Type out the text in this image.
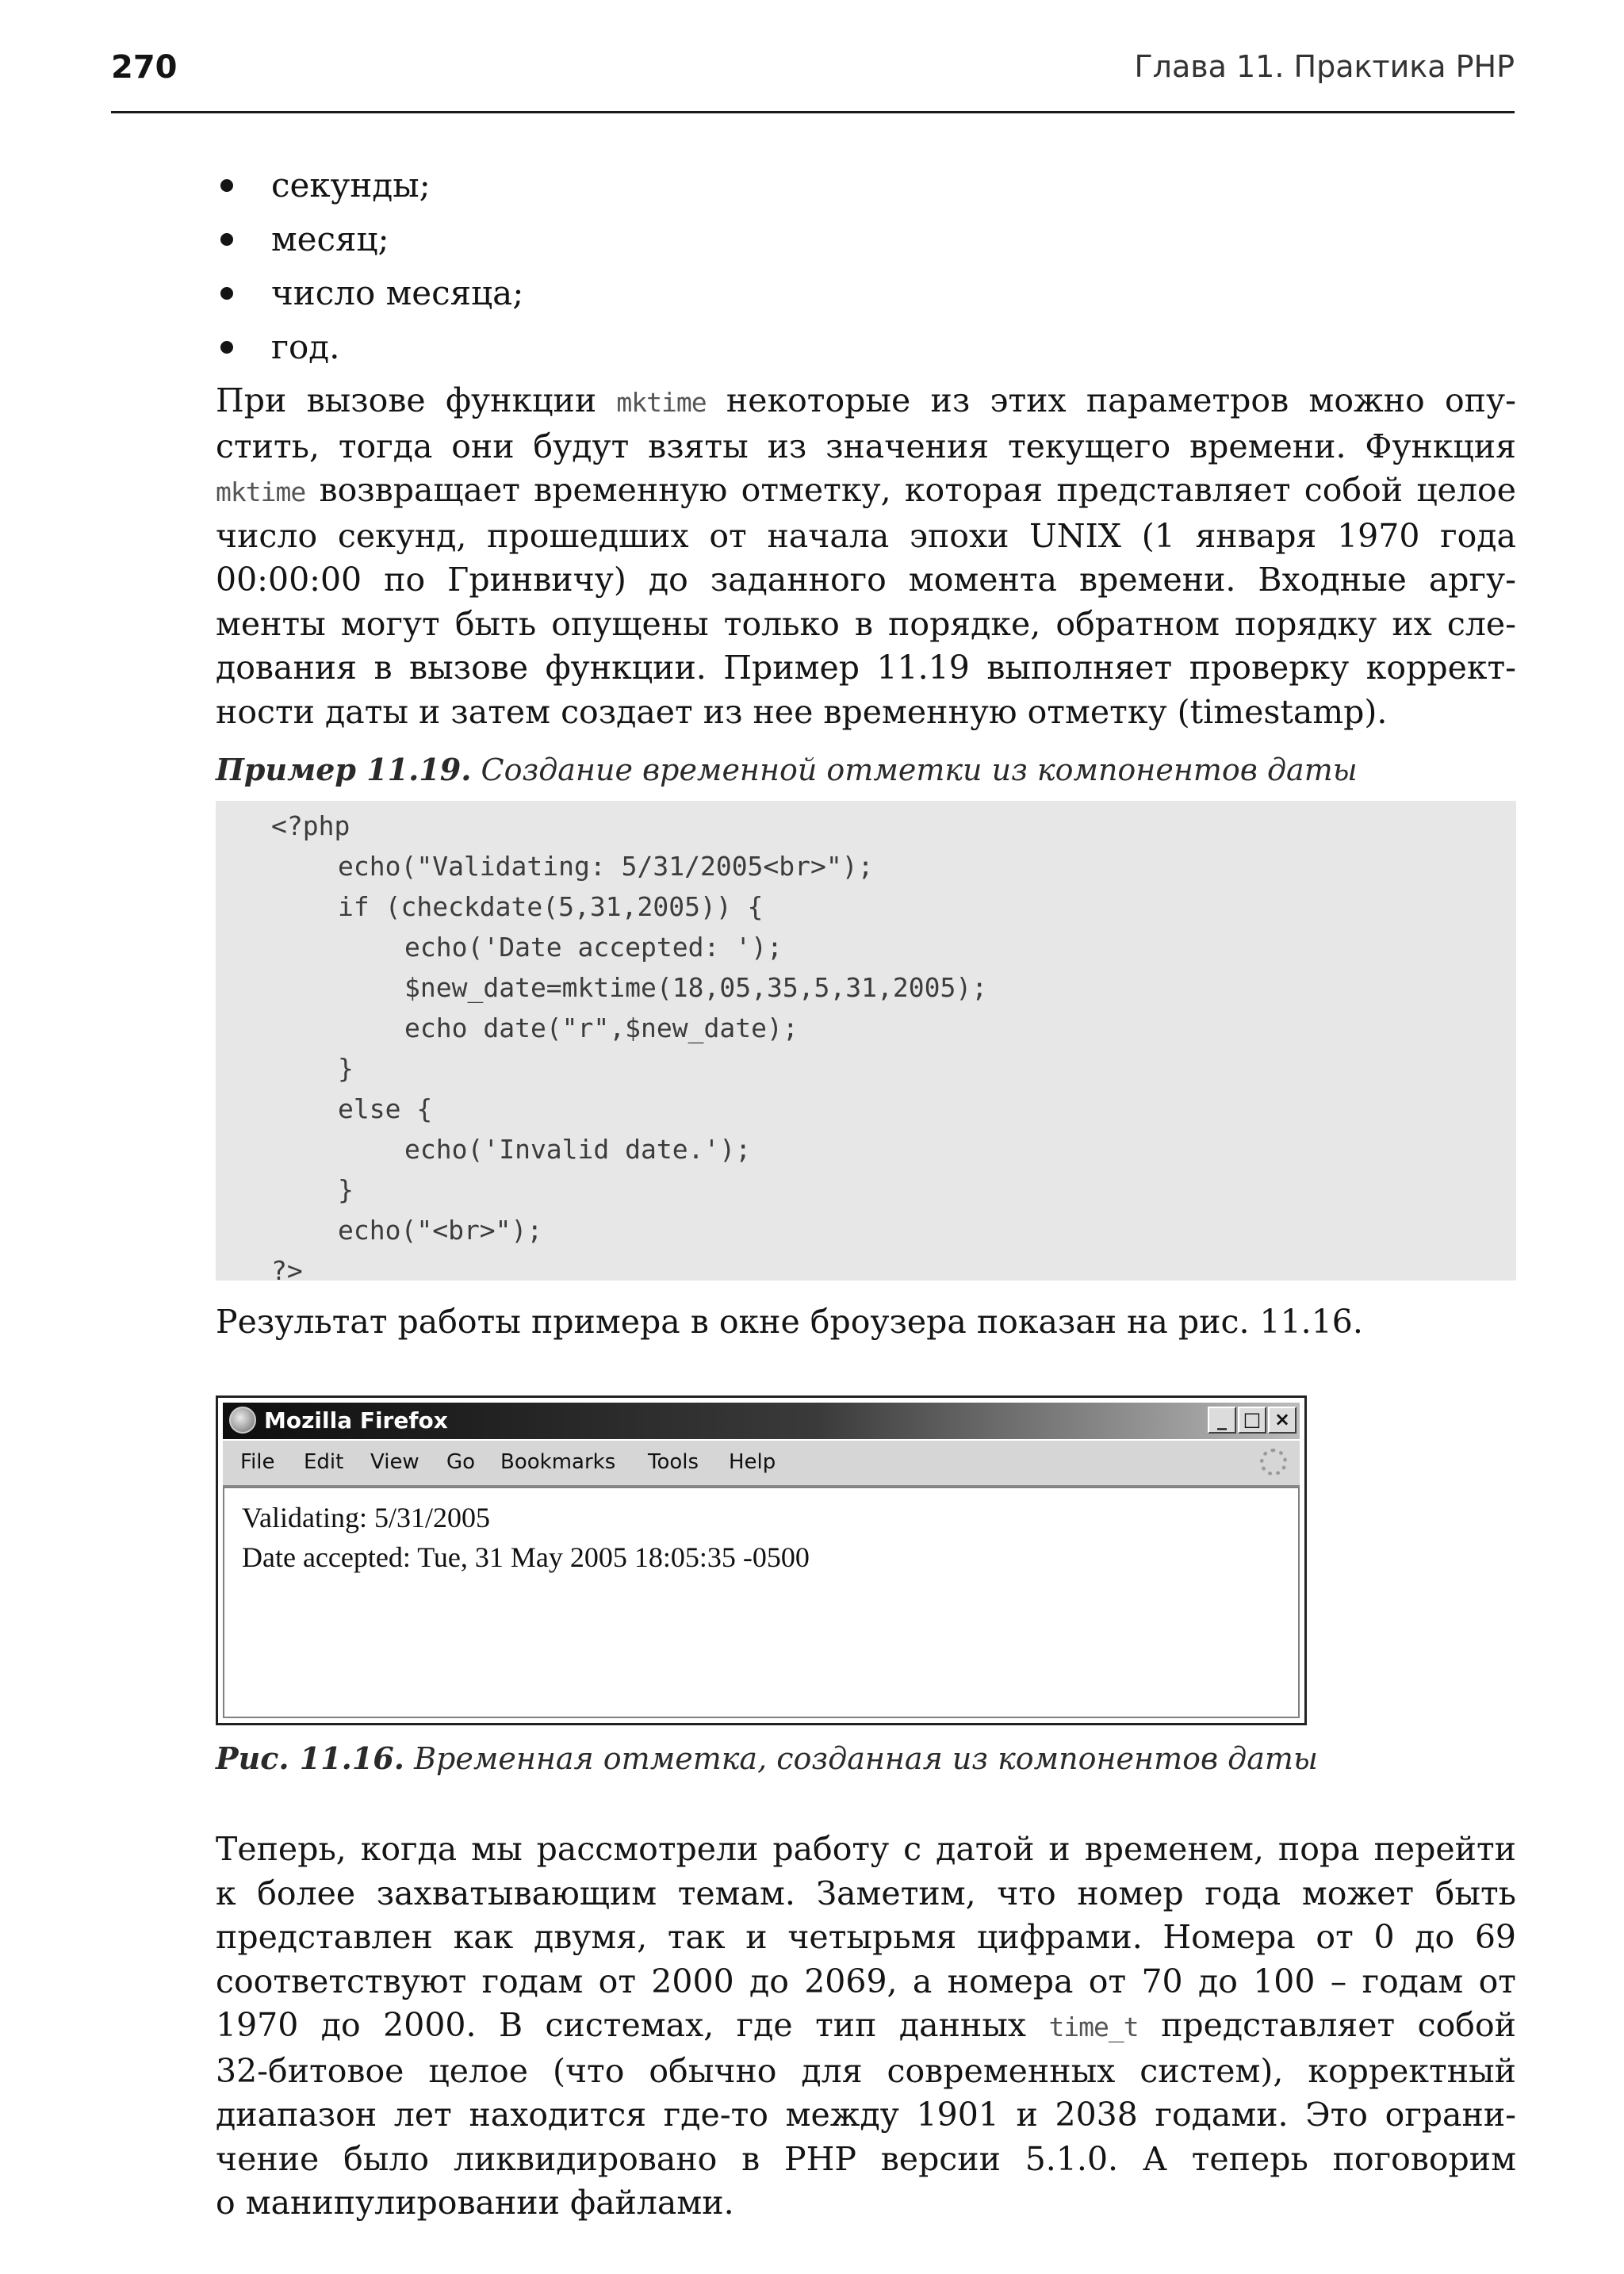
270	Глава 11. Практика PHP
секунды;
месяц;
число месяца;
год.
При вызове функции mktime некоторые из этих параметров можно опу-
стить, тогда они будут взяты из значения текущего времени. Функция
mktime возвращает временную отметку, которая представляет собой целое
число секунд, прошедших от начала эпохи UNIX (1 января 1970 года
00:00:00 по Гринвичу) до заданного момента времени. Входные аргу-
менты могут быть опущены только в порядке, обратном порядку их сле-
дования в вызове функции. Пример 11.19 выполняет проверку коррект-
ности даты и затем создает из нее временную отметку (timestamp).
Пример 11.19. Создание временной отметки из компонентов даты
<?php
echo("Validating: 5/31/2005<br>");
if (checkdate(5,31,2005)) {
echo('Date accepted: ');
$new_date=mktime(18,05,35,5,31,2005);
echo date("r",$new_date);
}
else {
echo('Invalid date.');
}
echo("<br>");
?>
Результат работы примера в окне броузера показан на рис. 11.16.
Mozilla Firefox	_ □ ×
File Edit View Go Bookmarks Tools Help
Validating: 5/31/2005
Date accepted: Tue, 31 May 2005 18:05:35 -0500
Рис. 11.16. Временная отметка, созданная из компонентов даты
Теперь, когда мы рассмотрели работу с датой и временем, пора перейти
к более захватывающим темам. Заметим, что номер года может быть
представлен как двумя, так и четырьмя цифрами. Номера от 0 до 69
соответствуют годам от 2000 до 2069, а номера от 70 до 100 – годам от
1970 до 2000. В системах, где тип данных time_t представляет собой
32-битовое целое (что обычно для современных систем), корректный
диапазон лет находится где-то между 1901 и 2038 годами. Это ограни-
чение было ликвидировано в PHP версии 5.1.0. А теперь поговорим
о манипулировании файлами.
